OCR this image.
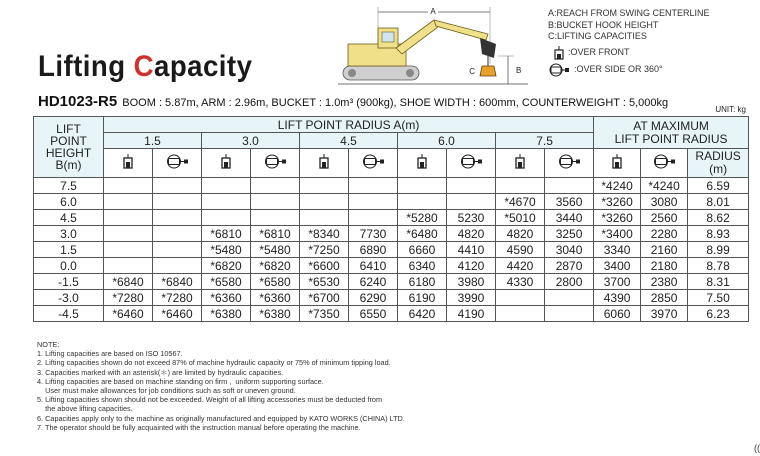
Lifting Capacity
A
C	B
A:REACH FROM SWING CENTERLINE
B:BUCKET HOOK HEIGHT
C:LIFTING CAPACITIES
:OVER FRONT
:OVER SIDE OR 360°
HD1023-R5 BOOM : 5.87m, ARM : 2.96m, BUCKET : 1.0m³ (900kg), SHOE WIDTH : 600mm, COUNTERWEIGHT : 5,000kg
UNIT: kg
LIFT
POINT
HEIGHT
B(m)	LIFT POINT RADIUS A(m)										AT MAXIMUM
LIFT POINT RADIUS		
	1.5		3.0		4.5		6.0		7.5				
												RADIUS
(m)

7.5											*4240	*4240	6.59
6.0									*4670	3560	*3260	3080	8.01
4.5							*5280	5230	*5010	3440	*3260	2560	8.62
3.0			*6810	*6810	*8340	7730	*6480	4820	4820	3250	*3400	2280	8.93
1.5			*5480	*5480	*7250	6890	6660	4410	4590	3040	3340	2160	8.99
0.0			*6820	*6820	*6600	6410	6340	4120	4420	2870	3400	2180	8.78
-1.5	*6840	*6840	*6580	*6580	*6530	6240	6180	3980	4330	2800	3700	2380	8.31
-3.0	*7280	*7280	*6360	*6360	*6700	6290	6190	3990			4390	2850	7.50
-4.5	*6460	*6460	*6380	*6380	*7350	6550	6420	4190			6060	3970	6.23
NOTE:
1. Lifting capacities are based on ISO 10567.
2. Lifting capacities shown do not exceed 87% of machine hydraulic capacity or 75% of minimum tipping load.
3. Capacities marked with an asterisk(＊) are limited by hydraulic capacities.
4. Lifting capacities are based on machine standing on firm ,  uniform supporting surface.
User must make allowances for job conditions such as soft or uneven ground.
5. Lifting capacities shown should not be exceeded. Weight of all lifting accessories must be deducted from
the above lifting capacities.
6. Capacities apply only to the machine as originally manufactured and equipped by KATO WORKS (CHINA) LTD.
7. The operator should be fully acquainted with the instruction manual before operating the machine.
((
